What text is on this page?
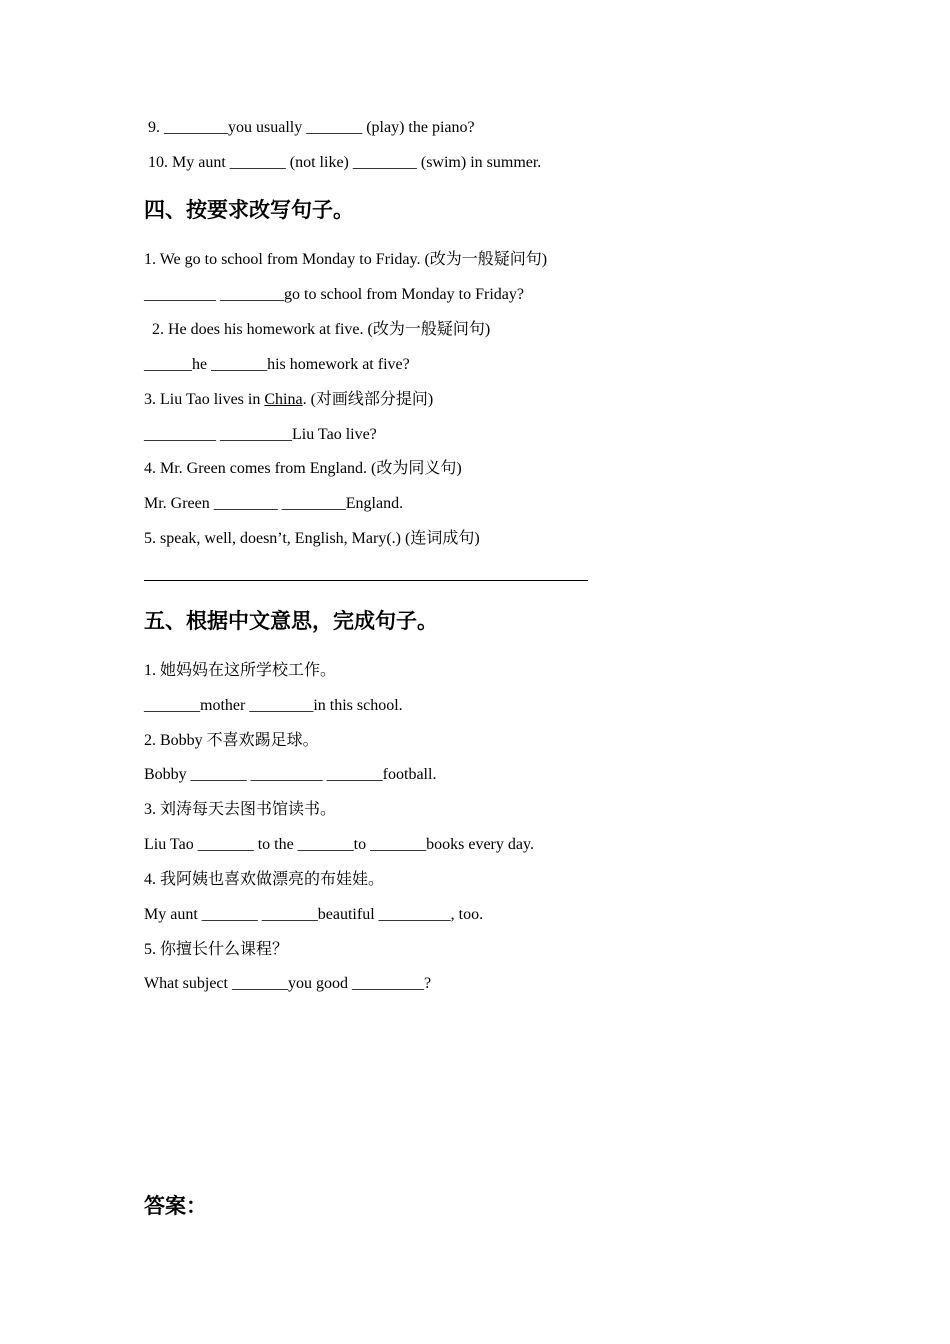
9. ________you usually _______ (play) the piano?
10. My aunt _______ (not like) ________ (swim) in summer.
四、按要求改写句子。
1. We go to school from Monday to Friday. (改为一般疑问句)
_________ ________go to school from Monday to Friday?
2. He does his homework at five. (改为一般疑问句)
______he _______his homework at five?
3. Liu Tao lives in China. (对画线部分提问)
_________ _________Liu Tao live?
4. Mr. Green comes from England. (改为同义句)
Mr. Green ________ ________England.
5. speak, well, doesn’t, English, Mary(.) (连词成句)
五、根据中文意思，完成句子。
1. 她妈妈在这所学校工作。
_______mother ________in this school.
2. Bobby 不喜欢踢足球。
Bobby _______ _________ _______football.
3. 刘涛每天去图书馆读书。
Liu Tao _______ to the _______to _______books every day.
4. 我阿姨也喜欢做漂亮的布娃娃。
My aunt _______ _______beautiful _________, too.
5. 你擅长什么课程？
What subject _______you good _________?
答案：
